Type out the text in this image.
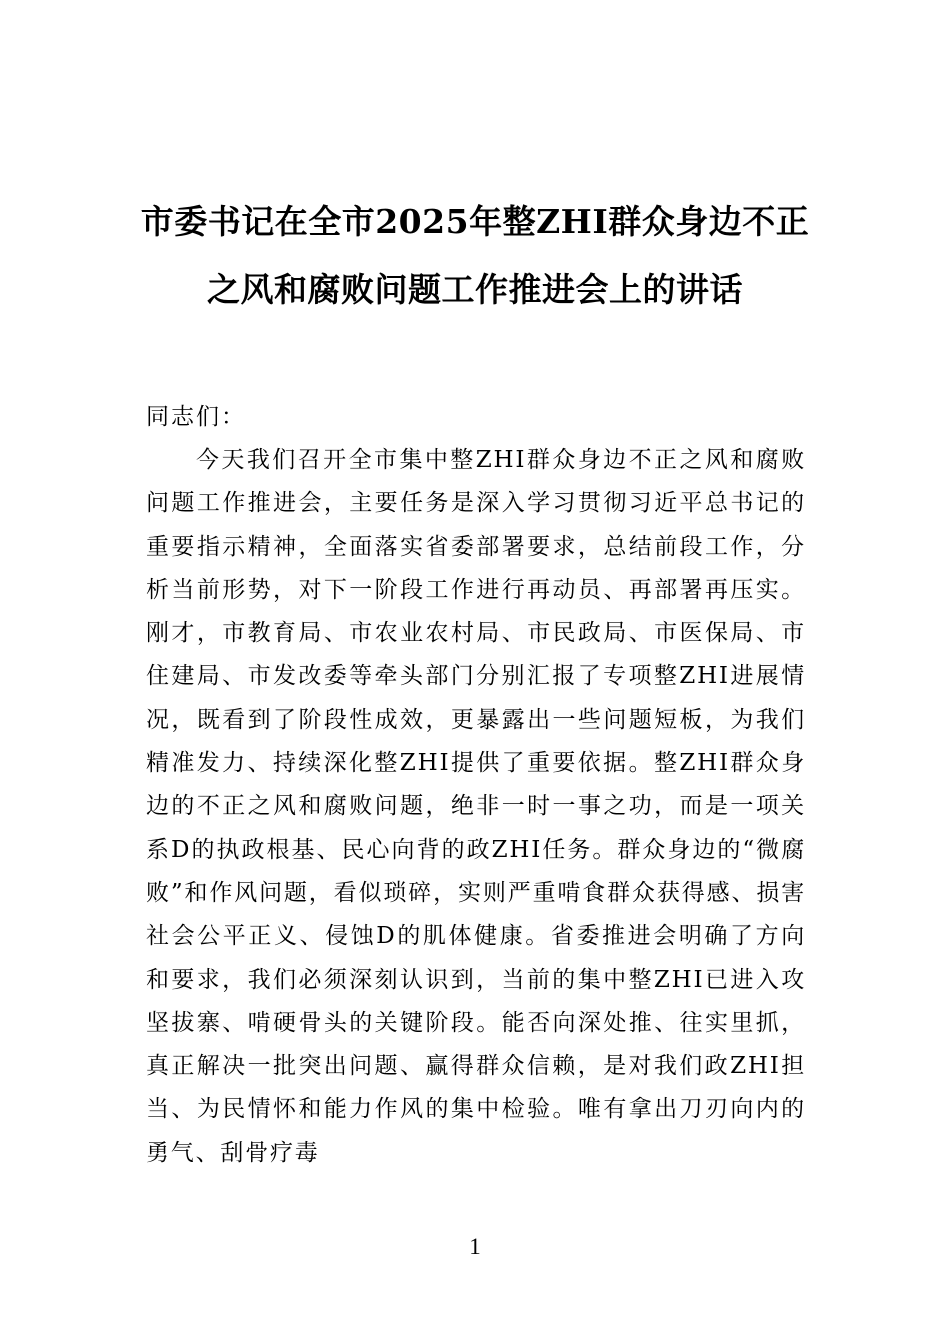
市委书记在全市2025年整ZHI群众身边不正之风和腐败问题工作推进会上的讲话

同志们：

今天我们召开全市集中整ZHI群众身边不正之风和腐败问题工作推进会，主要任务是深入学习贯彻习近平总书记的重要指示精神，全面落实省委部署要求，总结前段工作，分析当前形势，对下一阶段工作进行再动员、再部署再压实。刚才，市教育局、市农业农村局、市民政局、市医保局、市住建局、市发改委等牵头部门分别汇报了专项整ZHI进展情况，既看到了阶段性成效，更暴露出一些问题短板，为我们精准发力、持续深化整ZHI提供了重要依据。整ZHI群众身边的不正之风和腐败问题，绝非一时一事之功，而是一项关系D的执政根基、民心向背的政ZHI任务。群众身边的“微腐败”和作风问题，看似琐碎，实则严重啃食群众获得感、损害社会公平正义、侵蚀D的肌体健康。省委推进会明确了方向和要求，我们必须深刻认识到，当前的集中整ZHI已进入攻坚拔寨、啃硬骨头的关键阶段。能否向深处推、往实里抓，真正解决一批突出问题、赢得群众信赖，是对我们政ZHI担当、为民情怀和能力作风的集中检验。唯有拿出刀刃向内的勇气、刮骨疗毒

1
